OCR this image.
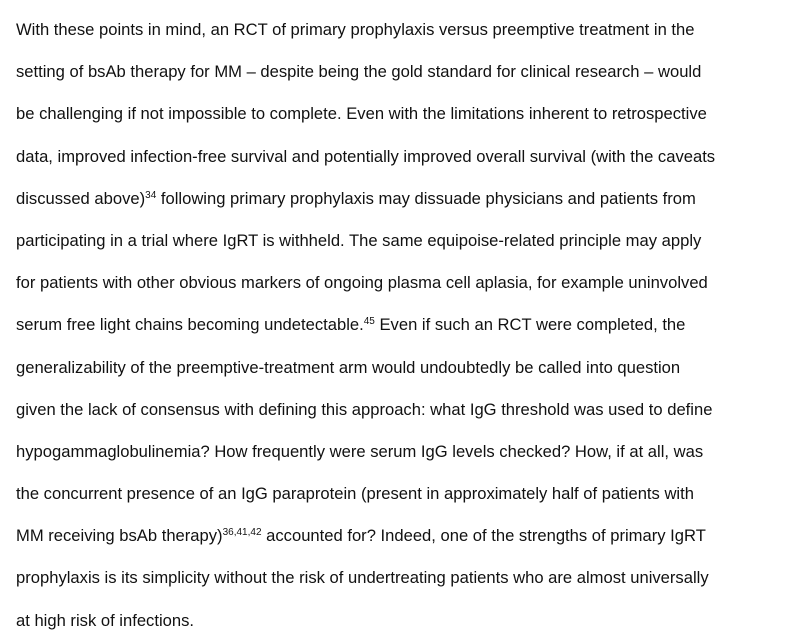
With these points in mind, an RCT of primary prophylaxis versus preemptive treatment in the
setting of bsAb therapy for MM – despite being the gold standard for clinical research – would
be challenging if not impossible to complete. Even with the limitations inherent to retrospective
data, improved infection-free survival and potentially improved overall survival (with the caveats
discussed above)$^{34}$ following primary prophylaxis may dissuade physicians and patients from
participating in a trial where IgRT is withheld. The same equipoise-related principle may apply
for patients with other obvious markers of ongoing plasma cell aplasia, for example uninvolved
serum free light chains becoming undetectable.$^{45}$ Even if such an RCT were completed, the
generalizability of the preemptive-treatment arm would undoubtedly be called into question
given the lack of consensus with defining this approach: what IgG threshold was used to define
hypogammaglobulinemia? How frequently were serum IgG levels checked? How, if at all, was
the concurrent presence of an IgG paraprotein (present in approximately half of patients with
MM receiving bsAb therapy)$^{36,41,42}$ accounted for? Indeed, one of the strengths of primary IgRT
prophylaxis is its simplicity without the risk of undertreating patients who are almost universally
at high risk of infections.
